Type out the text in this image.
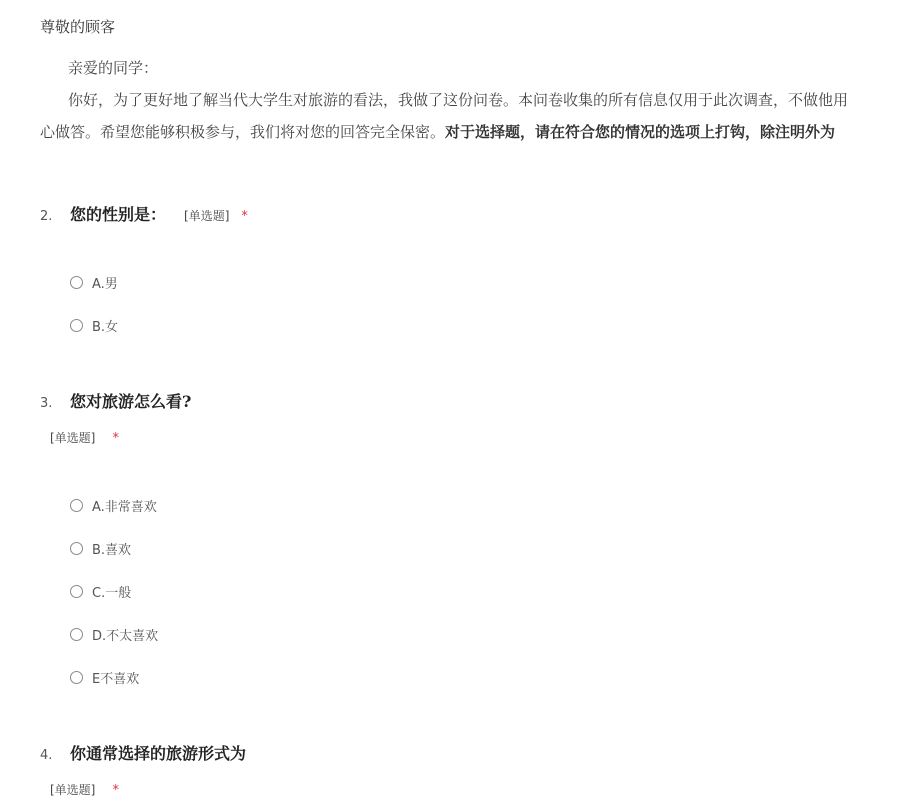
尊敬的顾客
亲爱的同学：
你好，为了更好地了解当代大学生对旅游的看法，我做了这份问卷。本问卷收集的所有信息仅用于此次调查，不做他用
心做答。希望您能够积极参与，我们将对您的回答完全保密。对于选择题，请在符合您的情况的选项上打钩，除注明外为
2.	您的性别是： [单选题] *
A.男
B.女
3.	您对旅游怎么看?
[单选题] *
A.非常喜欢
B.喜欢
C.一般
D.不太喜欢
E不喜欢
4.	你通常选择的旅游形式为
[单选题] *
